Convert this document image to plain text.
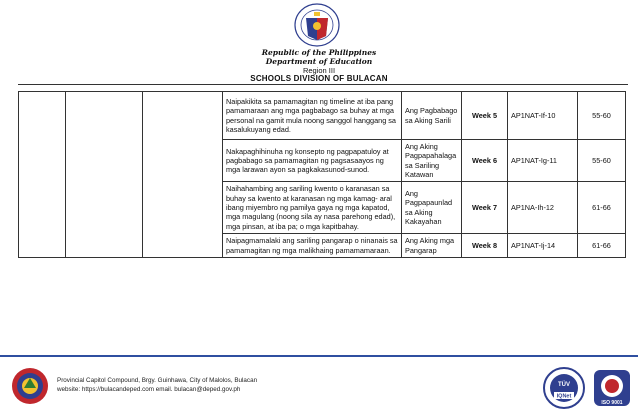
Republic of the Philippines
Department of Education
Region III
SCHOOLS DIVISION OF BULACAN
			Naipakikita sa pamamagitan ng timeline at iba pang pamamaraan ang mga pagbabago sa buhay at mga personal na gamit mula noong sanggol hanggang sa kasalukuyang edad.	Ang Pagbabago sa Aking Sarili	Week 5	AP1NAT-If-10	55-60
			Nakapaghihinuha ng konsepto ng pagpapatuloy at pagbabago sa pamamagitan ng pagsasaayos ng mga larawan ayon sa pagkakasunod-sunod.	Ang Aking Pagpapahalaga sa Sariling Katawan	Week 6	AP1NAT-Ig-11	55-60
			Naihahambing ang sariling kwento o karanasan sa buhay sa kwento at karanasan ng mga kamag- aral ibang miyembro ng pamilya gaya ng mga kapatod, mga magulang (noong sila ay nasa parehong edad), mga pinsan, at iba pa; o mga kapitbahay.	Ang Pagpapaunlad sa Aking Kakayahan	Week 7	AP1NA-Ih-12	61-66
			Naipagmamalaki ang sariling pangarap o ninanais sa pamamagitan ng mga malikhaing pamamamaraan.	Ang Aking mga Pangarap	Week 8	AP1NAT-Ij-14	61-66
Provincial Capitol Compound, Brgy. Guinhawa, City of Malolos, Bulacan
website: https://bulacandeped.com email. bulacan@deped.gov.ph
TÜV
IQNet
ISO 9001
